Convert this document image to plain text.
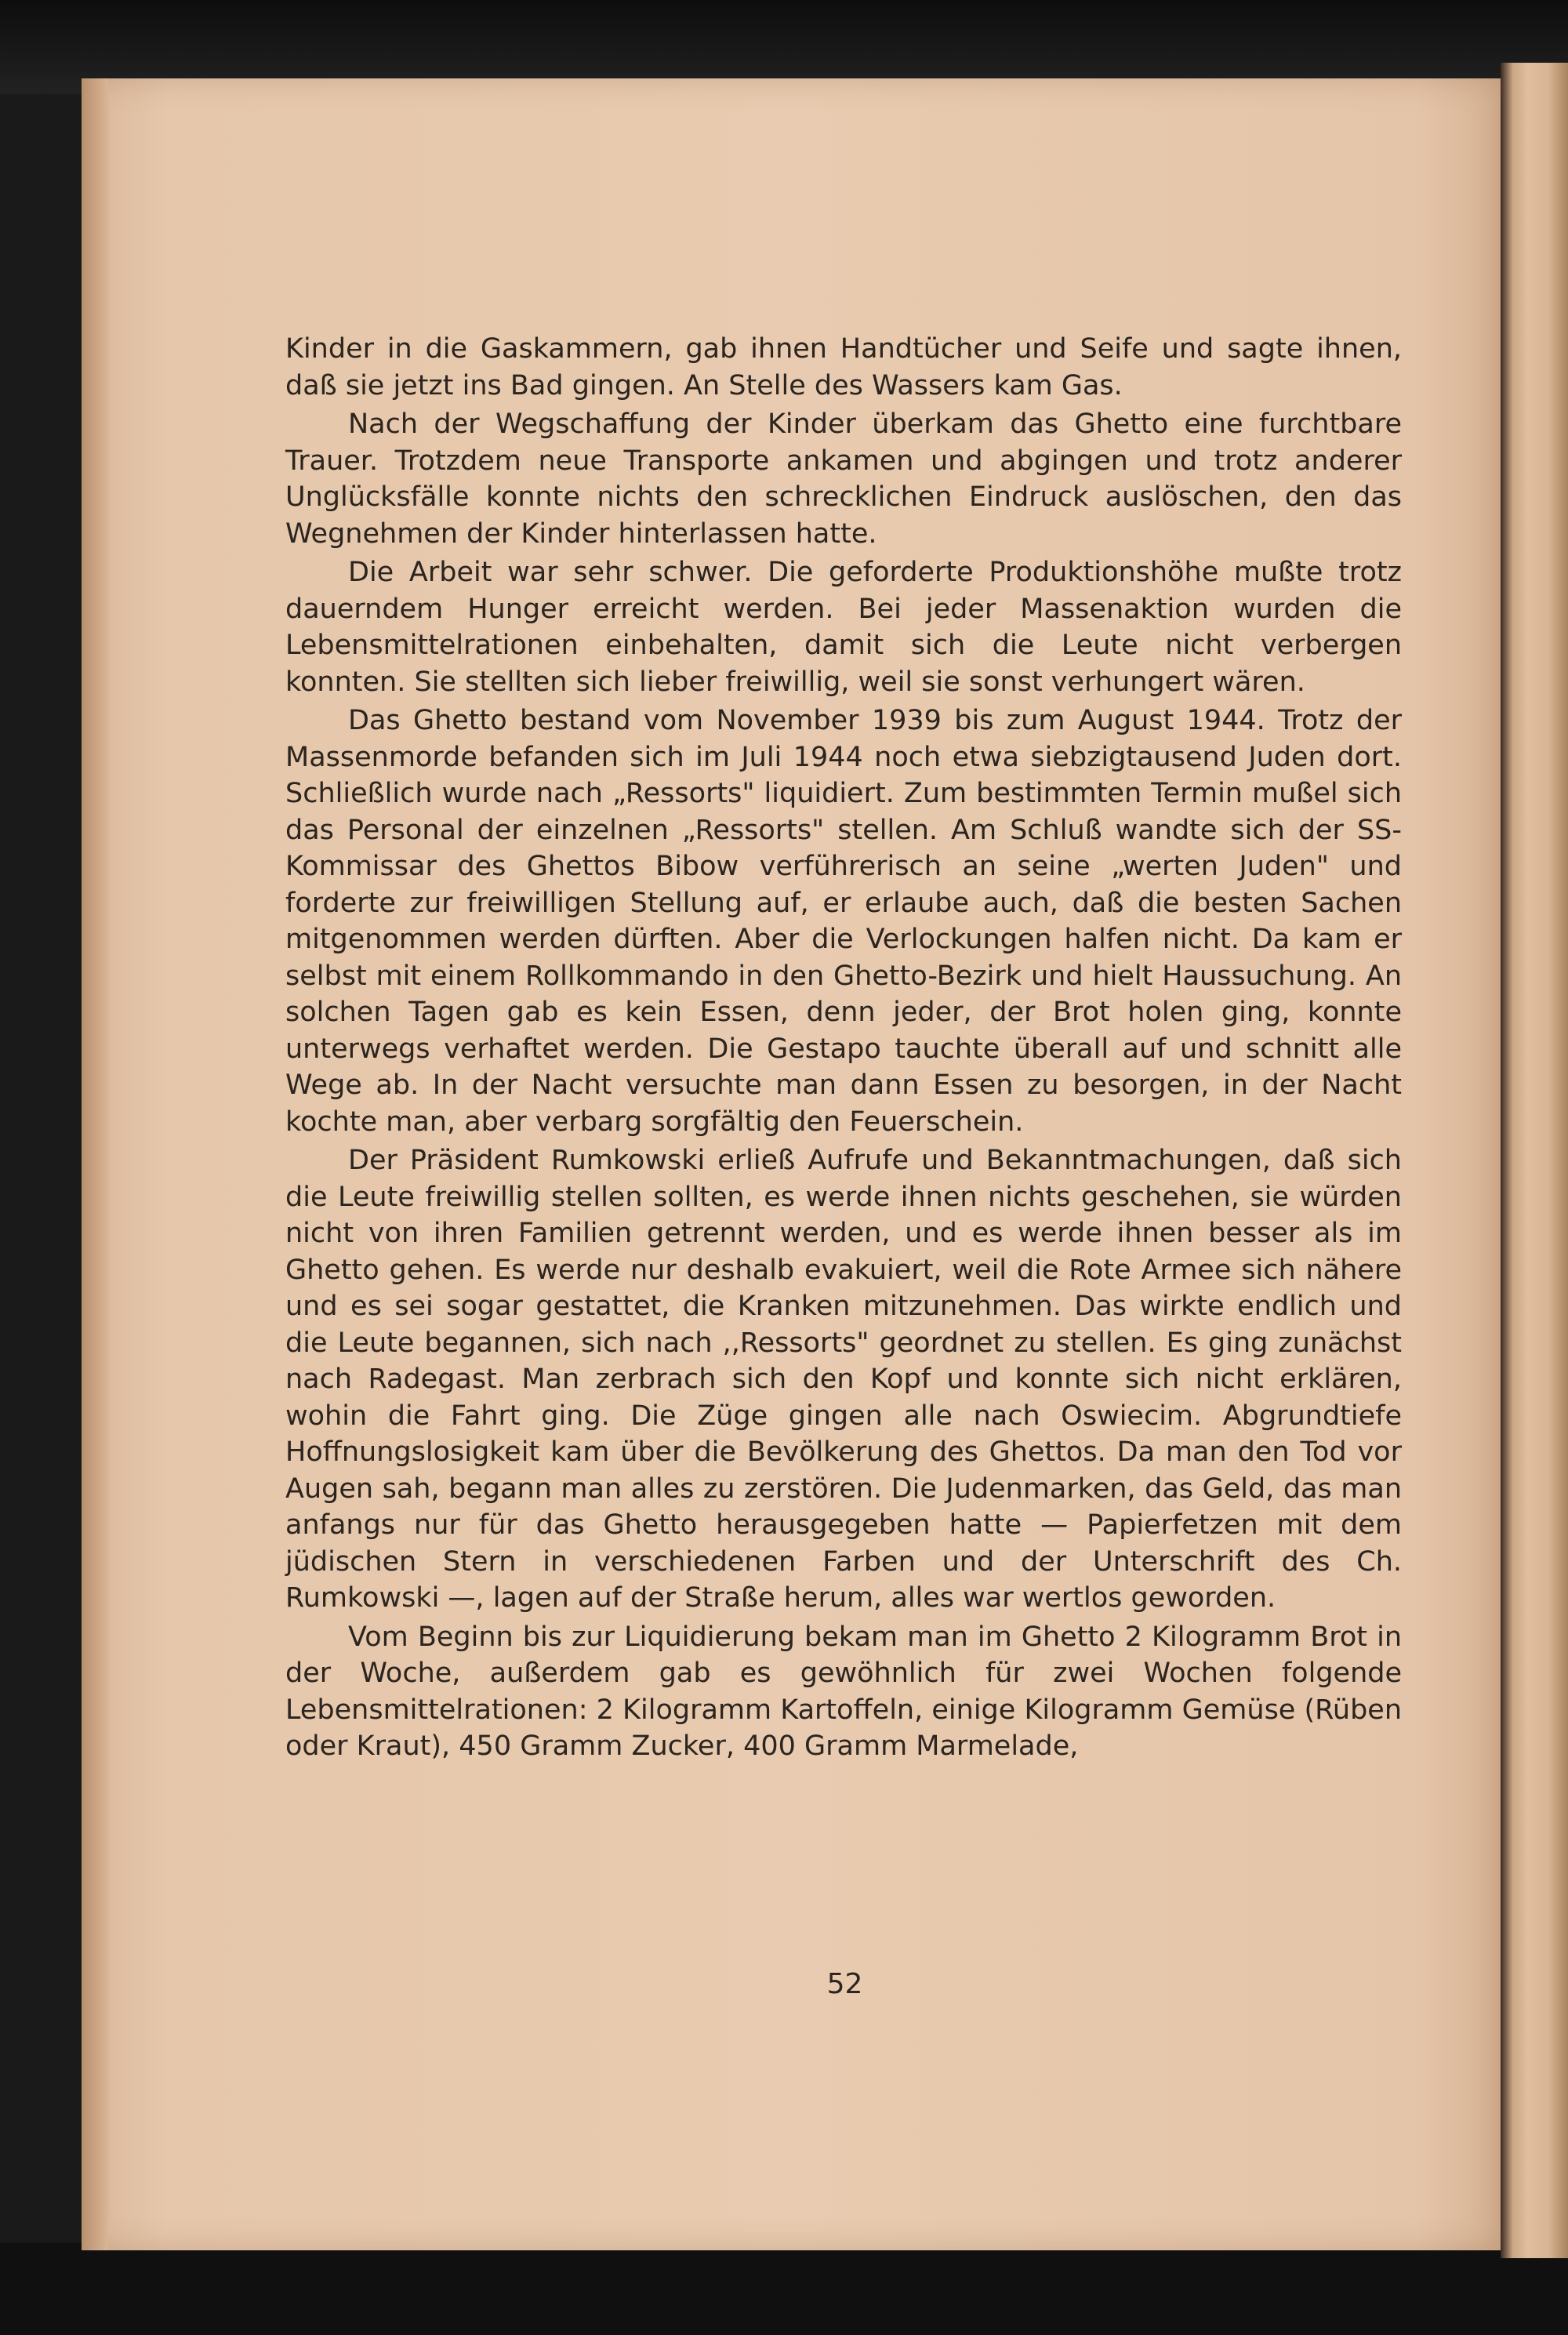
Kinder in die Gaskammern, gab ihnen Handtücher und Seife und sagte ihnen, daß sie jetzt ins Bad gingen. An Stelle des Wassers kam Gas.

Nach der Wegschaffung der Kinder überkam das Ghetto eine furchtbare Trauer. Trotzdem neue Transporte ankamen und abgingen und trotz anderer Unglücksfälle konnte nichts den schrecklichen Eindruck auslöschen, den das Wegnehmen der Kinder hinterlassen hatte.

Die Arbeit war sehr schwer. Die geforderte Produktionshöhe mußte trotz dauerndem Hunger erreicht werden. Bei jeder Massenaktion wurden die Lebensmittelrationen einbehalten, damit sich die Leute nicht verbergen konnten. Sie stellten sich lieber freiwillig, weil sie sonst verhungert wären.

Das Ghetto bestand vom November 1939 bis zum August 1944. Trotz der Massenmorde befanden sich im Juli 1944 noch etwa siebzigtausend Juden dort. Schließlich wurde nach „Ressorts" liquidiert. Zum bestimmten Termin mußel sich das Personal der einzelnen „Ressorts" stellen. Am Schluß wandte sich der SS-Kommissar des Ghettos Bibow verführerisch an seine „werten Juden" und forderte zur freiwilligen Stellung auf, er erlaube auch, daß die besten Sachen mitgenommen werden dürften. Aber die Verlockungen halfen nicht. Da kam er selbst mit einem Rollkommando in den Ghetto-Bezirk und hielt Haussuchung. An solchen Tagen gab es kein Essen, denn jeder, der Brot holen ging, konnte unterwegs verhaftet werden. Die Gestapo tauchte überall auf und schnitt alle Wege ab. In der Nacht versuchte man dann Essen zu besorgen, in der Nacht kochte man, aber verbarg sorgfältig den Feuerschein.

Der Präsident Rumkowski erließ Aufrufe und Bekanntmachungen, daß sich die Leute freiwillig stellen sollten, es werde ihnen nichts geschehen, sie würden nicht von ihren Familien getrennt werden, und es werde ihnen besser als im Ghetto gehen. Es werde nur deshalb evakuiert, weil die Rote Armee sich nähere und es sei sogar gestattet, die Kranken mitzunehmen. Das wirkte endlich und die Leute begannen, sich nach ,,Ressorts" geordnet zu stellen. Es ging zunächst nach Radegast. Man zerbrach sich den Kopf und konnte sich nicht erklären, wohin die Fahrt ging. Die Züge gingen alle nach Oswiecim. Abgrundtiefe Hoffnungslosigkeit kam über die Bevölkerung des Ghettos. Da man den Tod vor Augen sah, begann man alles zu zerstören. Die Judenmarken, das Geld, das man anfangs nur für das Ghetto herausgegeben hatte — Papierfetzen mit dem jüdischen Stern in verschiedenen Farben und der Unterschrift des Ch. Rumkowski —, lagen auf der Straße herum, alles war wertlos geworden.

Vom Beginn bis zur Liquidierung bekam man im Ghetto 2 Kilogramm Brot in der Woche, außerdem gab es gewöhnlich für zwei Wochen folgende Lebensmittelrationen: 2 Kilogramm Kartoffeln, einige Kilogramm Gemüse (Rüben oder Kraut), 450 Gramm Zucker, 400 Gramm Marmelade,

52
